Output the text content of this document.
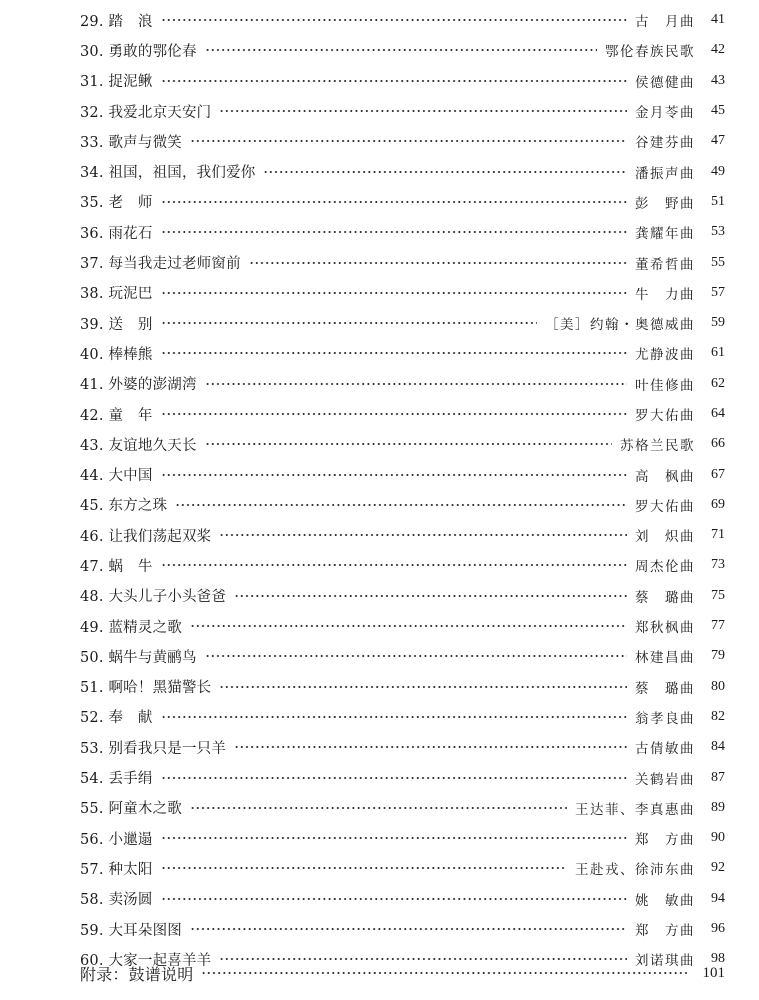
29. 踏　浪	古　月曲	41
30. 勇敢的鄂伦春	鄂伦春族民歌	42
31. 捉泥鳅	侯德健曲	43
32. 我爱北京天安门	金月苓曲	45
33. 歌声与微笑	谷建芬曲	47
34. 祖国，祖国，我们爱你	潘振声曲	49
35. 老　师	彭　野曲	51
36. 雨花石	龚耀年曲	53
37. 每当我走过老师窗前	董希哲曲	55
38. 玩泥巴	牛　力曲	57
39. 送　别	［美］约翰・奥德威曲	59
40. 棒棒熊	尤静波曲	61
41. 外婆的澎湖湾	叶佳修曲	62
42. 童　年	罗大佑曲	64
43. 友谊地久天长	苏格兰民歌	66
44. 大中国	高　枫曲	67
45. 东方之珠	罗大佑曲	69
46. 让我们荡起双桨	刘　炽曲	71
47. 蜗　牛	周杰伦曲	73
48. 大头儿子小头爸爸	蔡　璐曲	75
49. 蓝精灵之歌	郑秋枫曲	77
50. 蜗牛与黄鹂鸟	林建昌曲	79
51. 啊哈！黑猫警长	蔡　璐曲	80
52. 奉　献	翁孝良曲	82
53. 别看我只是一只羊	古倩敏曲	84
54. 丢手绢	关鹤岩曲	87
55. 阿童木之歌	王达菲、李真惠曲	89
56. 小邋遢	郑　方曲	90
57. 种太阳	王赴戎、徐沛东曲	92
58. 卖汤圆	姚　敏曲	94
59. 大耳朵图图	郑　方曲	96
60. 大家一起喜羊羊	刘诺琪曲	98
附录：鼓谱说明	101
